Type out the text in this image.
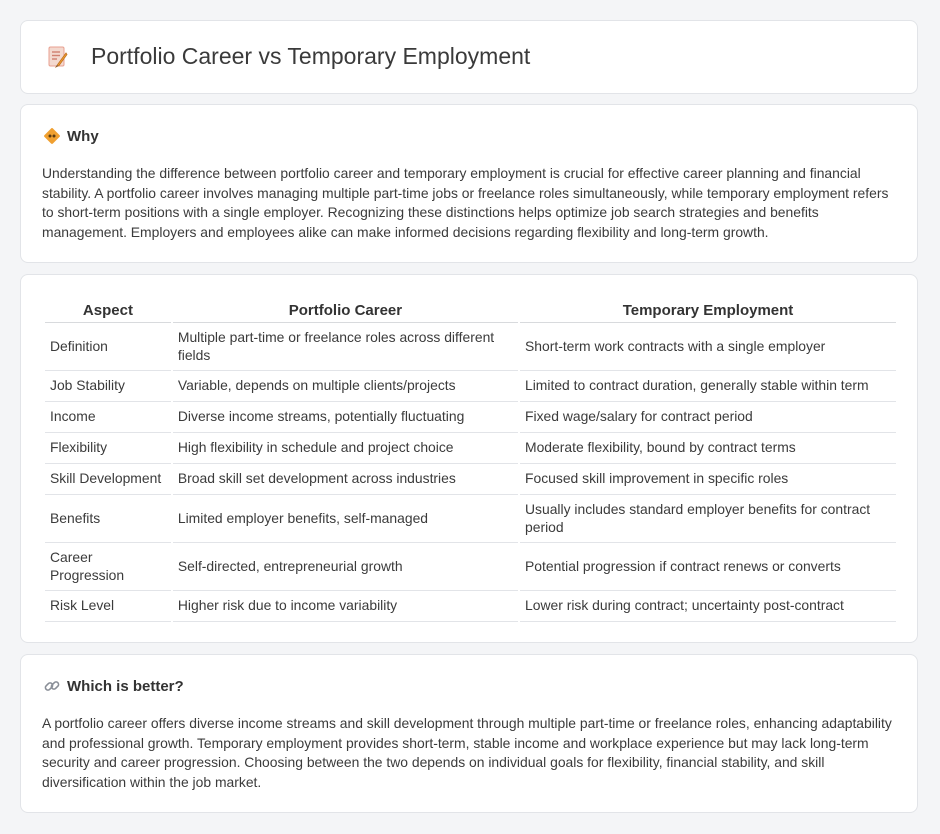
Portfolio Career vs Temporary Employment
Why

Understanding the difference between portfolio career and temporary employment is crucial for effective career planning and financial stability. A portfolio career involves managing multiple part-time jobs or freelance roles simultaneously, while temporary employment refers to short-term positions with a single employer. Recognizing these distinctions helps optimize job search strategies and benefits management. Employers and employees alike can make informed decisions regarding flexibility and long-term growth.

Aspect	Portfolio Career	Temporary Employment
Definition	Multiple part-time or freelance roles across different fields	Short-term work contracts with a single employer
Job Stability	Variable, depends on multiple clients/projects	Limited to contract duration, generally stable within term
Income	Diverse income streams, potentially fluctuating	Fixed wage/salary for contract period
Flexibility	High flexibility in schedule and project choice	Moderate flexibility, bound by contract terms
Skill Development	Broad skill set development across industries	Focused skill improvement in specific roles
Benefits	Limited employer benefits, self-managed	Usually includes standard employer benefits for contract period
Career Progression	Self-directed, entrepreneurial growth	Potential progression if contract renews or converts
Risk Level	Higher risk due to income variability	Lower risk during contract; uncertainty post-contract
Which is better?

A portfolio career offers diverse income streams and skill development through multiple part-time or freelance roles, enhancing adaptability and professional growth. Temporary employment provides short-term, stable income and workplace experience but may lack long-term security and career progression. Choosing between the two depends on individual goals for flexibility, financial stability, and skill diversification within the job market.
